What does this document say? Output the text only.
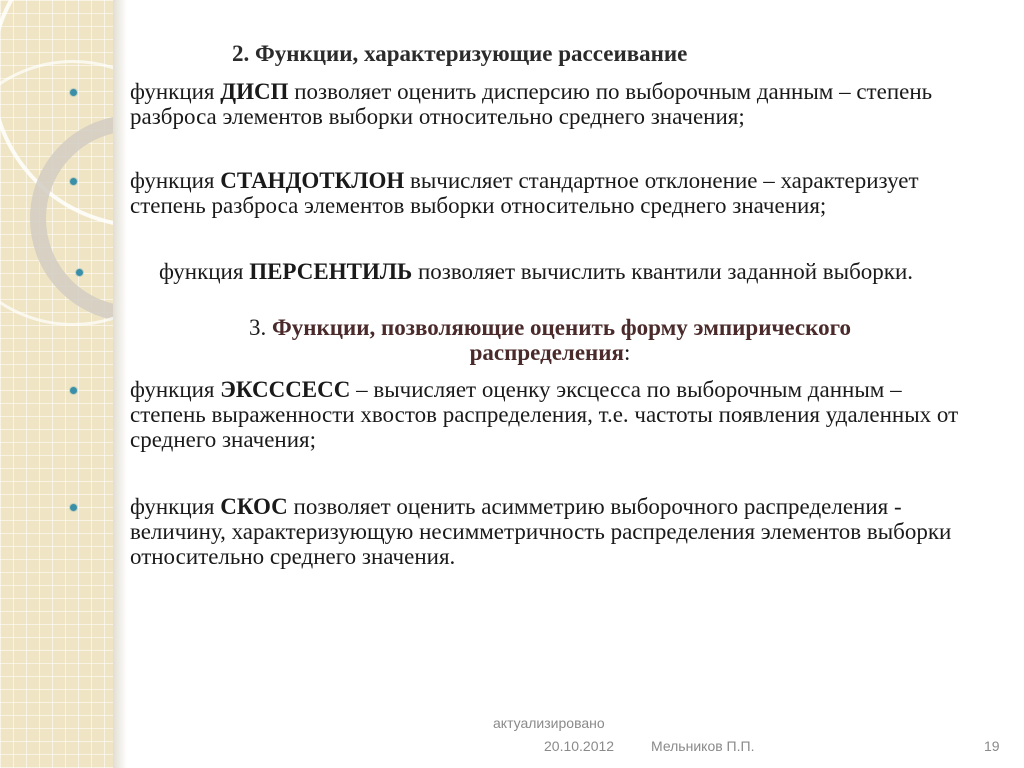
2. Функции, характеризующие рассеивание
функция ДИСП позволяет оценить дисперсию по выборочным данным – степень разброса элементов выборки относительно среднего значения;
функция СТАНДОТКЛОН вычисляет стандартное отклонение – характеризует степень разброса элементов выборки относительно среднего значения;
функция ПЕРСЕНТИЛЬ позволяет вычислить квантили заданной выборки.
3. Функции, позволяющие оценить форму эмпирического распределения:
функция ЭКСССЕСС – вычисляет оценку эксцесса по выборочным данным – степень выраженности хвостов распределения, т.е. частоты появления удаленных от среднего значения;
функция СКОС позволяет оценить асимметрию выборочного распределения - величину, характеризующую несимметричность распределения элементов выборки относительно среднего значения.
актуализировано
20.10.2012	Мельников П.П.	19
